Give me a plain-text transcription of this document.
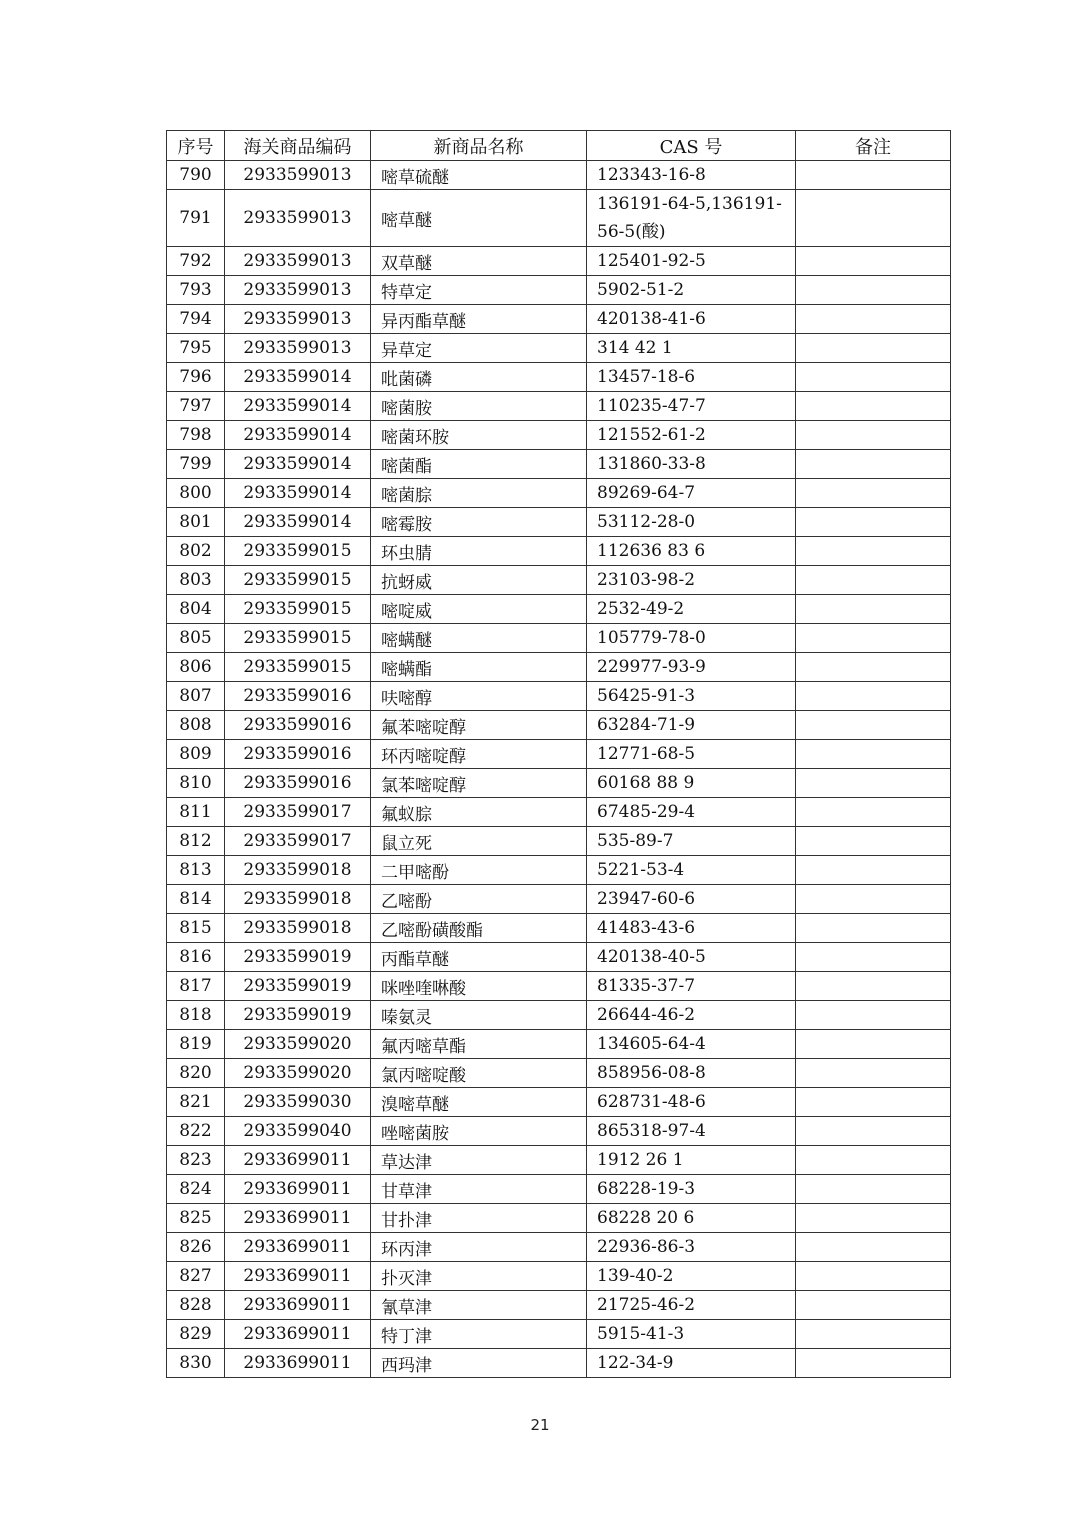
序号	海关商品编码	新商品名称	CAS 号	备注
790	2933599013	嘧草硫醚	123343-16-8	
791	2933599013	嘧草醚	136191-64-5,136191-56-5(酸)	
792	2933599013	双草醚	125401-92-5	
793	2933599013	特草定	5902-51-2	
794	2933599013	异丙酯草醚	420138-41-6	
795	2933599013	异草定	314 42 1	
796	2933599014	吡菌磷	13457-18-6	
797	2933599014	嘧菌胺	110235-47-7	
798	2933599014	嘧菌环胺	121552-61-2	
799	2933599014	嘧菌酯	131860-33-8	
800	2933599014	嘧菌腙	89269-64-7	
801	2933599014	嘧霉胺	53112-28-0	
802	2933599015	环虫腈	112636 83 6	
803	2933599015	抗蚜威	23103-98-2	
804	2933599015	嘧啶威	2532-49-2	
805	2933599015	嘧螨醚	105779-78-0	
806	2933599015	嘧螨酯	229977-93-9	
807	2933599016	呋嘧醇	56425-91-3	
808	2933599016	氟苯嘧啶醇	63284-71-9	
809	2933599016	环丙嘧啶醇	12771-68-5	
810	2933599016	氯苯嘧啶醇	60168 88 9	
811	2933599017	氟蚁腙	67485-29-4	
812	2933599017	鼠立死	535-89-7	
813	2933599018	二甲嘧酚	5221-53-4	
814	2933599018	乙嘧酚	23947-60-6	
815	2933599018	乙嘧酚磺酸酯	41483-43-6	
816	2933599019	丙酯草醚	420138-40-5	
817	2933599019	咪唑喹啉酸	81335-37-7	
818	2933599019	嗪氨灵	26644-46-2	
819	2933599020	氟丙嘧草酯	134605-64-4	
820	2933599020	氯丙嘧啶酸	858956-08-8	
821	2933599030	溴嘧草醚	628731-48-6	
822	2933599040	唑嘧菌胺	865318-97-4	
823	2933699011	草达津	1912 26 1	
824	2933699011	甘草津	68228-19-3	
825	2933699011	甘扑津	68228 20 6	
826	2933699011	环丙津	22936-86-3	
827	2933699011	扑灭津	139-40-2	
828	2933699011	氰草津	21725-46-2	
829	2933699011	特丁津	5915-41-3	
830	2933699011	西玛津	122-34-9	
21
